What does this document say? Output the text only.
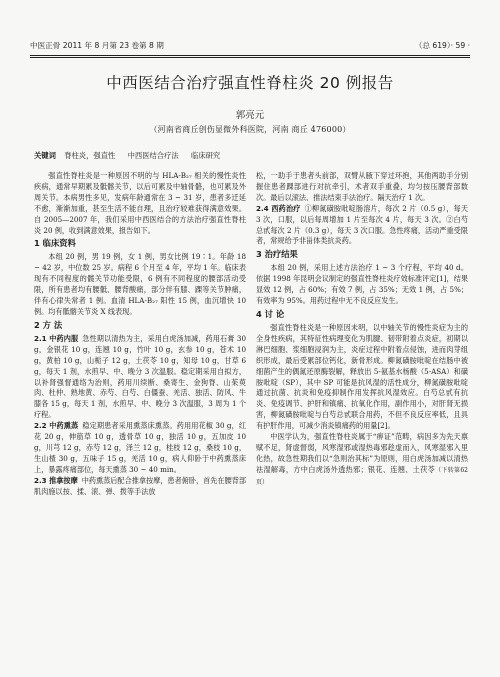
中医正骨 2011 年 8 月第 23 卷第 8 期	（总 619）· 59 ·
中西医结合治疗强直性脊柱炎 20 例报告
郭亮元
（河南省商丘创伤显微外科医院，河南 商丘 476000）
关键词 脊柱炎，强直性 中西医结合疗法 临床研究

强直性脊柱炎是一种原因不明的与 HLA-B₂₇ 相关的慢性炎性疾病，通常早期累及骶髂关节，以后可累及中轴骨骼，也可累及外周关节。本病男性多见，发病年龄通常在 3 ~ 31 岁，患者多迁延不愈，渐渐加重，甚至生活不能自理，且治疗较难获得满意效果。自 2005—2007 年，我们采用中西医结合的方法治疗强直性脊柱炎 20 例，收到满意效果，报告如下。

1 临床资料

本组 20 例，男 19 例，女 1 例，男女比例 19∶1。年龄 18 ~ 42 岁，中位数 25 岁。病程 6 个月至 4 年，平均 1 年。临床表现有不同程度的髋关节功能受限，6 例有不同程度的腰部活动受限，所有患者均有腰骶、腰背酸痛，部分伴有膝、踝等关节肿痛，伴有心律失常者 1 例。血清 HLA-B₂₇ 阳性 15 例，血沉增快 10 例。均有骶髂关节炎 X 线表现。

2 方 法

2.1 中药内服 急性期以清热为主，采用白虎汤加减，药用石膏 30 g，金银花 10 g，连翘 10 g，竹叶 10 g，玄参 10 g，苍术 10 g，黄柏 10 g，山栀子 12 g，土茯苓 10 g，知母 10 g，甘草 6 g，每天 1 剂，水煎早、中、晚分 3 次温服。稳定期采用自拟方，以补肾强督通络为治则，药用川续断、桑寄生、金狗脊、山茱萸肉、杜仲、熟地黄、赤芍、白芍、白僵蚕、羌活、独活、防风、牛膝各 15 g，每天 1 剂，水煎早、中、晚分 3 次温服，3 周为 1 个疗程。

2.2 中药熏蒸 稳定期患者采用熏蒸床熏蒸。药用用花椒 30 g，红花 20 g，伸筋草 10 g，透骨草 10 g，独活 10 g，五加皮 10 g，川芎 12 g，赤芍 12 g，泽兰 12 g，桂枝 12 g，桑枝 10 g，生山楂 30 g，五味子 15 g，羌活 10 g，病人仰卧于中药熏蒸床上，暴露疼痛部位，每天熏蒸 30 ~ 40 min。

2.3 推拿按摩 中药熏蒸后配合推拿按摩，患者俯卧，首先在腰背部肌肉施以按、揉、滚、弹、拨等手法放

松，一助手于患者头前部，双臂从腋下穿过环抱，其他两助手分别握住患者踝部进行对抗牵引，术者双手重叠，均匀按压腰背部数次。最后以滚法、推法结束手法治疗。隔天治疗 1 次。

2.4 西药治疗 ①柳氮磺胺吡啶肠溶片，每次 2 片（0.5 g），每天 3 次，口服，以后每周增加 1 片至每次 4 片，每天 3 次。②白芍总甙每次 2 片（0.3 g），每天 3 次口服。急性疼痛，活动严重受限者，常规给予非甾体类抗炎药。

3 治疗结果

本组 20 例，采用上述方法治疗 1 ~ 3 个疗程，平均 40 d。依据 1998 年昆明会议制定的强直性脊柱炎疗效标准评定[1]，结果显效 12 例，占 60%；有效 7 例，占 35%；无效 1 例，占 5%；有效率为 95%。用药过程中无不良反应发生。

4 讨 论

强直性脊柱炎是一种原因未明，以中轴关节的慢性炎症为主的全身性疾病，其特征性病理变化为肌腱、韧带附着点炎症，初期以淋巴细胞、浆细胞浸润为主，炎症过程中附着点侵蚀，进而肉芽组织形成，最后受累部位钙化，新骨形成。柳氮磺胺吡啶在结肠中被细菌产生的偶氮还原酶裂解，释放出 5-氨基水杨酸（5-ASA）和磺胺吡啶（SP），其中 SP 可能是抗风湿的活性成分，柳氮磺胺吡啶通过抗菌、抗炎和免疫抑制作用发挥抗风湿效应。白芍总甙有抗炎、免疫调节、护肝和镇痛、抗氧化作用，副作用小，对肝肾无损害，柳氮磺胺吡啶与白芍总甙联合用药，不但不良反应率低，且具有护肝作用，可减少消炎镇痛药的用量[2]。

中医学认为，强直性脊柱炎属于“痹证”范畴，病因多为先天禀赋不足，肾虚督弱，风寒湿邪或湿热毒邪趁虚而入，风寒湿邪入里化热，故急性期我们以“急则治其标”为原则，用白虎汤加减以清热祛湿解毒，方中白虎汤外透热邪；银花、连翘、土茯苓（下转第62页）
